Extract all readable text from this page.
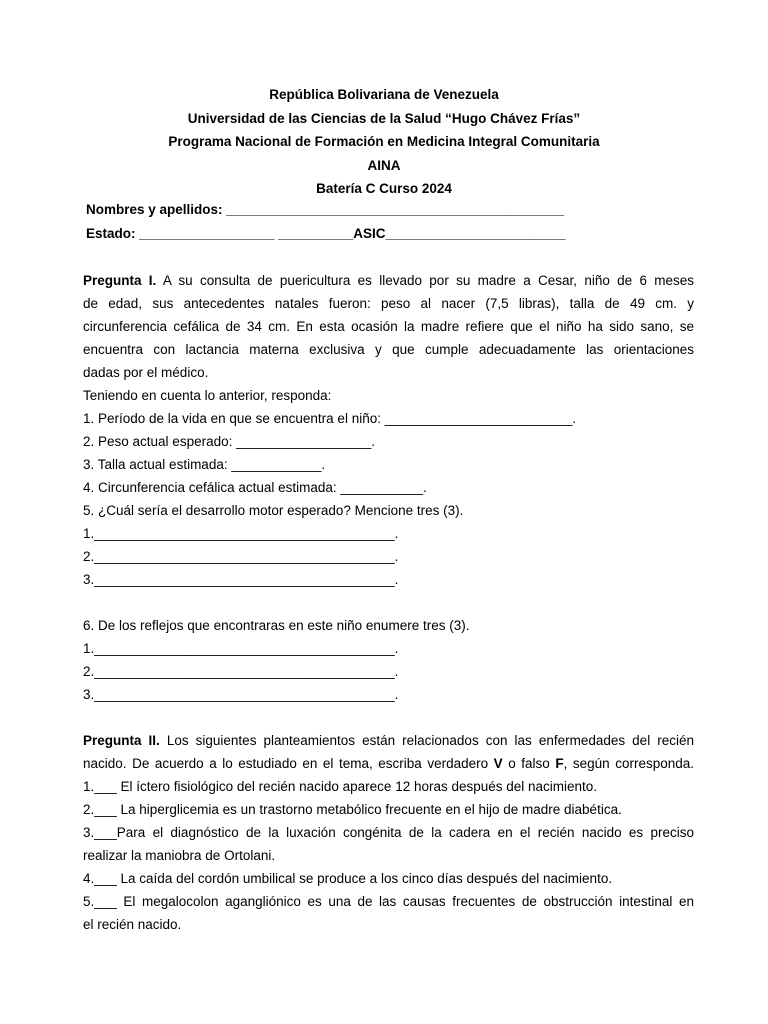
República Bolivariana de Venezuela
Universidad de las Ciencias de la Salud “Hugo Chávez Frías”
Programa Nacional de Formación en Medicina Integral Comunitaria
AINA
Batería C Curso 2024
Nombres y apellidos: _____________________________________________
Estado: __________________ __________ASIC________________________
Pregunta I. A su consulta de puericultura es llevado por su madre a Cesar, niño de 6 meses
de edad, sus antecedentes natales fueron: peso al nacer (7,5 libras), talla de 49 cm. y
circunferencia cefálica de 34 cm. En esta ocasión la madre refiere que el niño ha sido sano, se
encuentra con lactancia materna exclusiva y que cumple adecuadamente las orientaciones
dadas por el médico.
Teniendo en cuenta lo anterior, responda:
1. Período de la vida en que se encuentra el niño: _________________________.
2. Peso actual esperado: __________________.
3. Talla actual estimada: ____________.
4. Circunferencia cefálica actual estimada: ___________.
5. ¿Cuál sería el desarrollo motor esperado? Mencione tres (3).
1.________________________________________.
2.________________________________________.
3.________________________________________.
6. De los reflejos que encontraras en este niño enumere tres (3).
1.________________________________________.
2.________________________________________.
3.________________________________________.
Pregunta II. Los siguientes planteamientos están relacionados con las enfermedades del recién
nacido. De acuerdo a lo estudiado en el tema, escriba verdadero V o falso F, según corresponda.
1.___ El íctero fisiológico del recién nacido aparece 12 horas después del nacimiento.
2.___ La hiperglicemia es un trastorno metabólico frecuente en el hijo de madre diabética.
3.___Para el diagnóstico de la luxación congénita de la cadera en el recién nacido es preciso
realizar la maniobra de Ortolani.
4.___ La caída del cordón umbilical se produce a los cinco días después del nacimiento.
5.___ El megalocolon agangliónico es una de las causas frecuentes de obstrucción intestinal en
el recién nacido.
